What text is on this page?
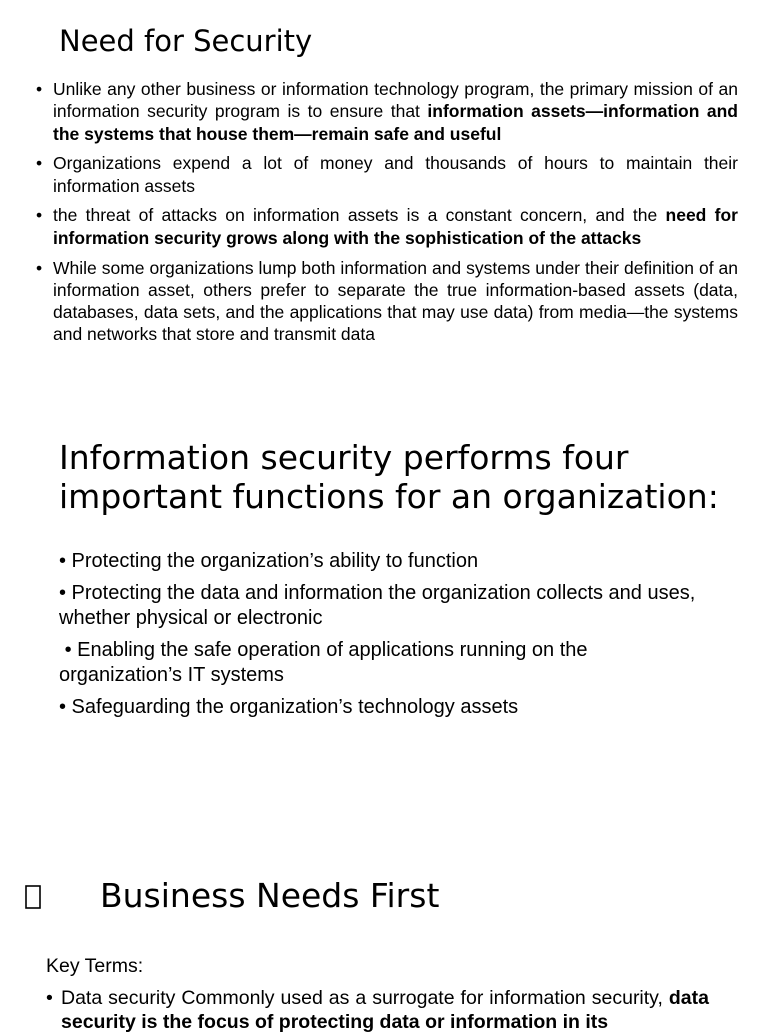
Need for Security
• Unlike any other business or information technology program, the primary mission of an information security program is to ensure that information assets—information and the systems that house them—remain safe and useful
• Organizations expend a lot of money and thousands of hours to maintain their information assets
• the threat of attacks on information assets is a constant concern, and the need for information security grows along with the sophistication of the attacks
• While some organizations lump both information and systems under their definition of an information asset, others prefer to separate the true information-based assets (data, databases, data sets, and the applications that may use data) from media—the systems and networks that store and transmit data
Information security performs four important functions for an organization:
• Protecting the organization’s ability to function
• Protecting the data and information the organization collects and uses, whether physical or electronic
• Enabling the safe operation of applications running on the organization’s IT systems
• Safeguarding the organization’s technology assets
Business Needs First
Key Terms:
• Data security Commonly used as a surrogate for information security, data security is the focus of protecting data or information in its
